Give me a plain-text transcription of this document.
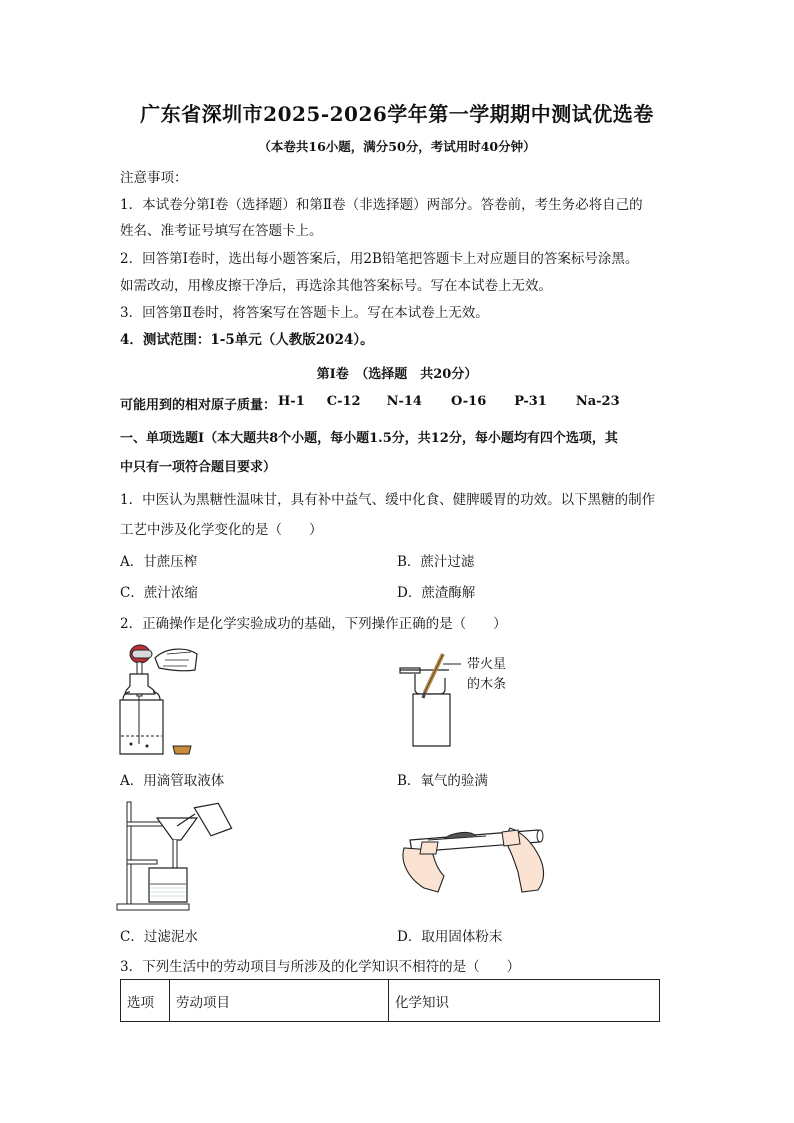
广东省深圳市2025-2026学年第一学期期中测试优选卷
（本卷共16小题，满分50分，考试用时40分钟）
注意事项：
1．本试卷分第Ⅰ卷（选择题）和第Ⅱ卷（非选择题）两部分。答卷前，考生务必将自己的
姓名、准考证号填写在答题卡上。
2．回答第Ⅰ卷时，选出每小题答案后，用2B铅笔把答题卡上对应题目的答案标号涂黑。
如需改动，用橡皮擦干净后，再选涂其他答案标号。写在本试卷上无效。
3．回答第Ⅱ卷时，将答案写在答题卡上。写在本试卷上无效。
4．测试范围：1-5单元（人教版2024）。
第Ⅰ卷　（选择题　共20分）
可能用到的相对原子质量： H-1 C-12 N-14 O-16 P-31 Na-23
一、单项选题Ⅰ（本大题共8个小题，每小题1.5分，共12分，每小题均有四个选项，其
中只有一项符合题目要求）
1．中医认为黑糖性温味甘，具有补中益气、缓中化食、健脾暖胃的功效。以下黑糖的制作
工艺中涉及化学变化的是（　　）
A．甘蔗压榨	B．蔗汁过滤
C．蔗汁浓缩	D．蔗渣酶解
2．正确操作是化学实验成功的基础，下列操作正确的是（　　）
带火星
的木条
A．用滴管取液体	B．氧气的验满
C．过滤泥水	D．取用固体粉末
3．下列生活中的劳动项目与所涉及的化学知识不相符的是（　　）
选项	劳动项目	化学知识
